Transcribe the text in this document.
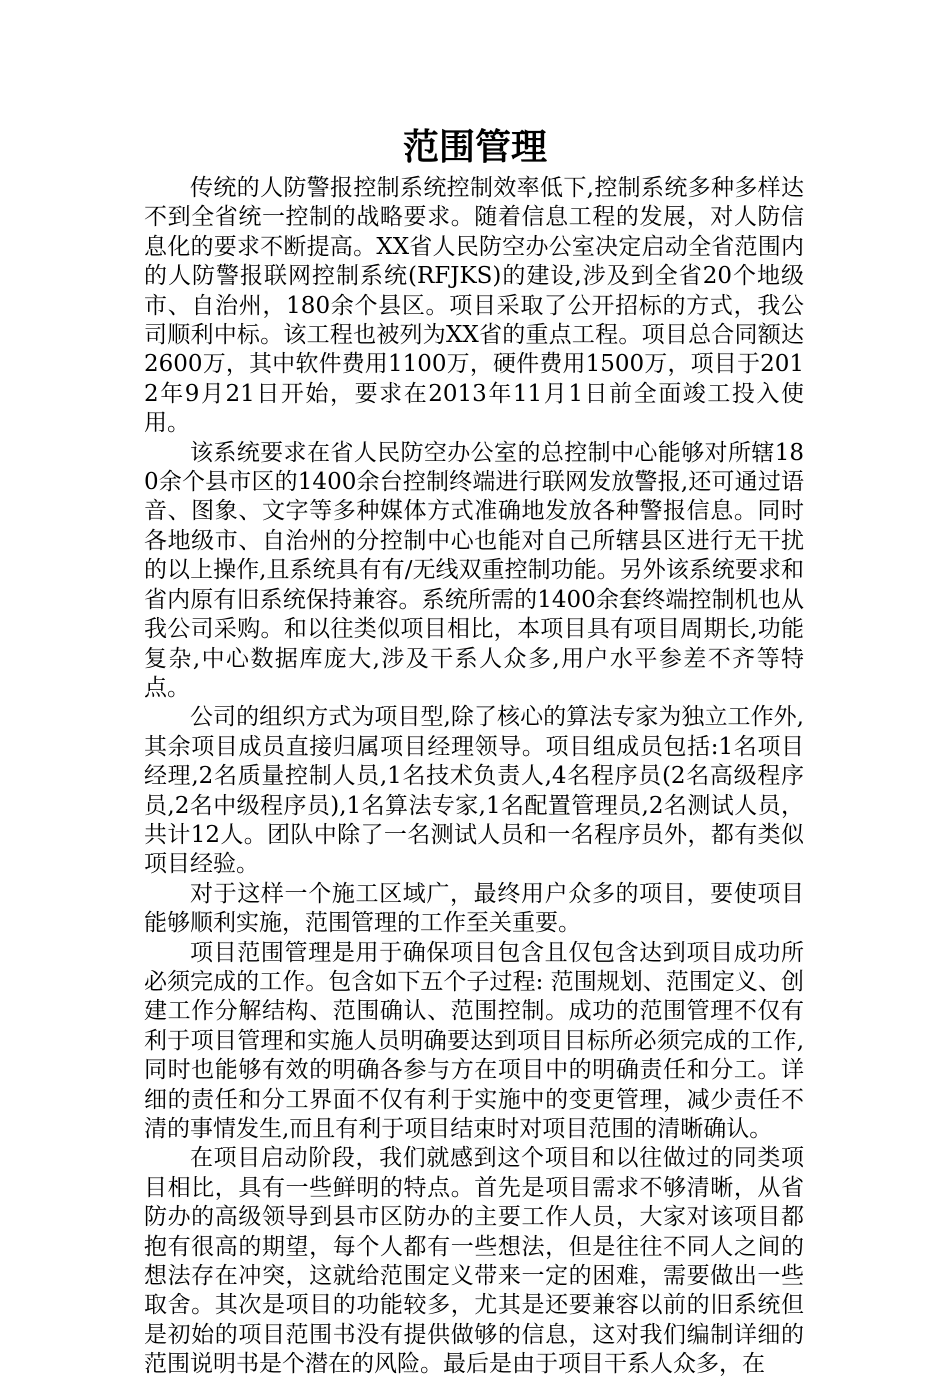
范围管理

传统的人防警报控制系统控制效率低下,控制系统多种多样达不到全省统一控制的战略要求。随着信息工程的发展，对人防信息化的要求不断提高。XX省人民防空办公室决定启动全省范围内的人防警报联网控制系统(RFJKS)的建设,涉及到全省20个地级市、自治州，180余个县区。项目采取了公开招标的方式，我公司顺利中标。该工程也被列为XX省的重点工程。项目总合同额达2600万，其中软件费用1100万，硬件费用1500万，项目于2012年9月21日开始，要求在2013年11月1日前全面竣工投入使用。

该系统要求在省人民防空办公室的总控制中心能够对所辖180余个县市区的1400余台控制终端进行联网发放警报,还可通过语音、图象、文字等多种媒体方式准确地发放各种警报信息。同时各地级市、自治州的分控制中心也能对自己所辖县区进行无干扰的以上操作,且系统具有有/无线双重控制功能。另外该系统要求和省内原有旧系统保持兼容。系统所需的1400余套终端控制机也从我公司采购。和以往类似项目相比，本项目具有项目周期长,功能复杂,中心数据库庞大,涉及干系人众多,用户水平参差不齐等特点。

公司的组织方式为项目型,除了核心的算法专家为独立工作外,其余项目成员直接归属项目经理领导。项目组成员包括:1名项目经理,2名质量控制人员,1名技术负责人,4名程序员(2名高级程序员,2名中级程序员),1名算法专家,1名配置管理员,2名测试人员，共计12人。团队中除了一名测试人员和一名程序员外，都有类似项目经验。

对于这样一个施工区域广，最终用户众多的项目，要使项目能够顺利实施，范围管理的工作至关重要。

项目范围管理是用于确保项目包含且仅包含达到项目成功所必须完成的工作。包含如下五个子过程: 范围规划、范围定义、创建工作分解结构、范围确认、范围控制。成功的范围管理不仅有利于项目管理和实施人员明确要达到项目目标所必须完成的工作,同时也能够有效的明确各参与方在项目中的明确责任和分工。详细的责任和分工界面不仅有利于实施中的变更管理，减少责任不清的事情发生,而且有利于项目结束时对项目范围的清晰确认。

在项目启动阶段，我们就感到这个项目和以往做过的同类项目相比，具有一些鲜明的特点。首先是项目需求不够清晰，从省防办的高级领导到县市区防办的主要工作人员，大家对该项目都抱有很高的期望，每个人都有一些想法，但是往往不同人之间的想法存在冲突，这就给范围定义带来一定的困难，需要做出一些取舍。其次是项目的功能较多，尤其是还要兼容以前的旧系统但是初始的项目范围书没有提供做够的信息，这对我们编制详细的范围说明书是个潜在的风险。最后是由于项目干系人众多，在
